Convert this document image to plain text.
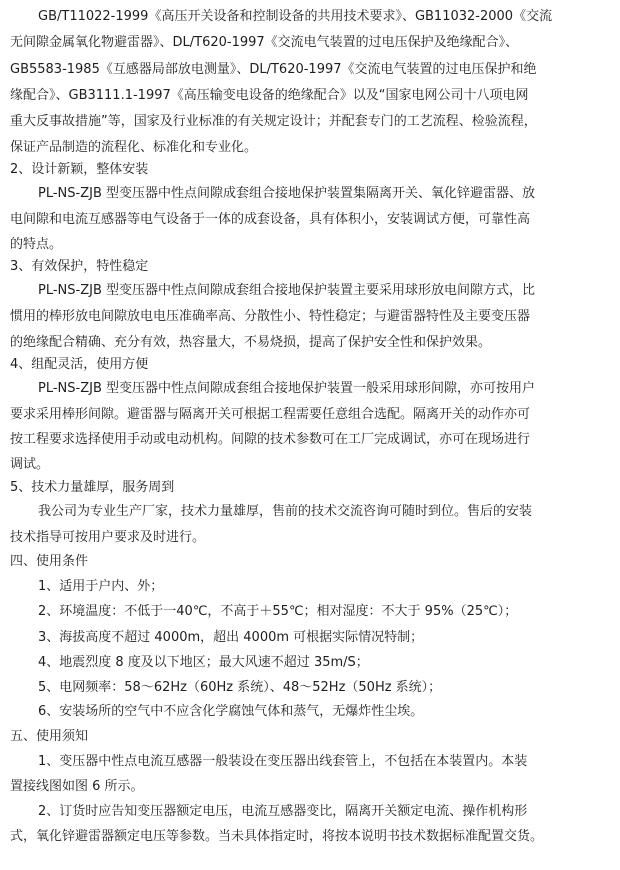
GB/T11022-1999《高压开关设备和控制设备的共用技术要求》、GB11032-2000《交流
无间隙金属氧化物避雷器》、DL/T620-1997《交流电气装置的过电压保护及绝缘配合》、
GB5583-1985《互感器局部放电测量》、DL/T620-1997《交流电气装置的过电压保护和绝
缘配合》、GB3111.1-1997《高压输变电设备的绝缘配合》以及“国家电网公司十八项电网
重大反事故措施”等，国家及行业标准的有关规定设计；并配套专门的工艺流程、检验流程，
保证产品制造的流程化、标准化和专业化。
2、设计新颖，整体安装
PL-NS-ZJB 型变压器中性点间隙成套组合接地保护装置集隔离开关、氧化锌避雷器、放
电间隙和电流互感器等电气设备于一体的成套设备，具有体积小，安装调试方便，可靠性高
的特点。
3、有效保护，特性稳定
PL-NS-ZJB 型变压器中性点间隙成套组合接地保护装置主要采用球形放电间隙方式，比
惯用的棒形放电间隙放电电压准确率高、分散性小、特性稳定；与避雷器特性及主要变压器
的绝缘配合精确、充分有效，热容量大，不易烧损，提高了保护安全性和保护效果。
4、组配灵活，使用方便
PL-NS-ZJB 型变压器中性点间隙成套组合接地保护装置一般采用球形间隙，亦可按用户
要求采用棒形间隙。避雷器与隔离开关可根据工程需要任意组合选配。隔离开关的动作亦可
按工程要求选择使用手动或电动机构。间隙的技术参数可在工厂完成调试，亦可在现场进行
调试。
5、技术力量雄厚，服务周到
我公司为专业生产厂家，技术力量雄厚，售前的技术交流咨询可随时到位。售后的安装
技术指导可按用户要求及时进行。
四、使用条件
1、适用于户内、外；
2、环境温度：不低于一40℃，不高于＋55℃；相对湿度：不大于 95%（25℃）；
3、海拔高度不超过 4000m，超出 4000m 可根据实际情况特制；
4、地震烈度 8 度及以下地区；最大风速不超过 35m/S；
5、电网频率：58～62Hz（60Hz 系统）、48～52Hz（50Hz 系统）；
6、安装场所的空气中不应含化学腐蚀气体和蒸气，无爆炸性尘埃。
五、使用须知
1、变压器中性点电流互感器一般装设在变压器出线套管上，不包括在本装置内。本装
置接线图如图 6 所示。
2、订货时应告知变压器额定电压，电流互感器变比，隔离开关额定电流、操作机构形
式，氧化锌避雷器额定电压等参数。当未具体指定时，将按本说明书技术数据标准配置交货。
